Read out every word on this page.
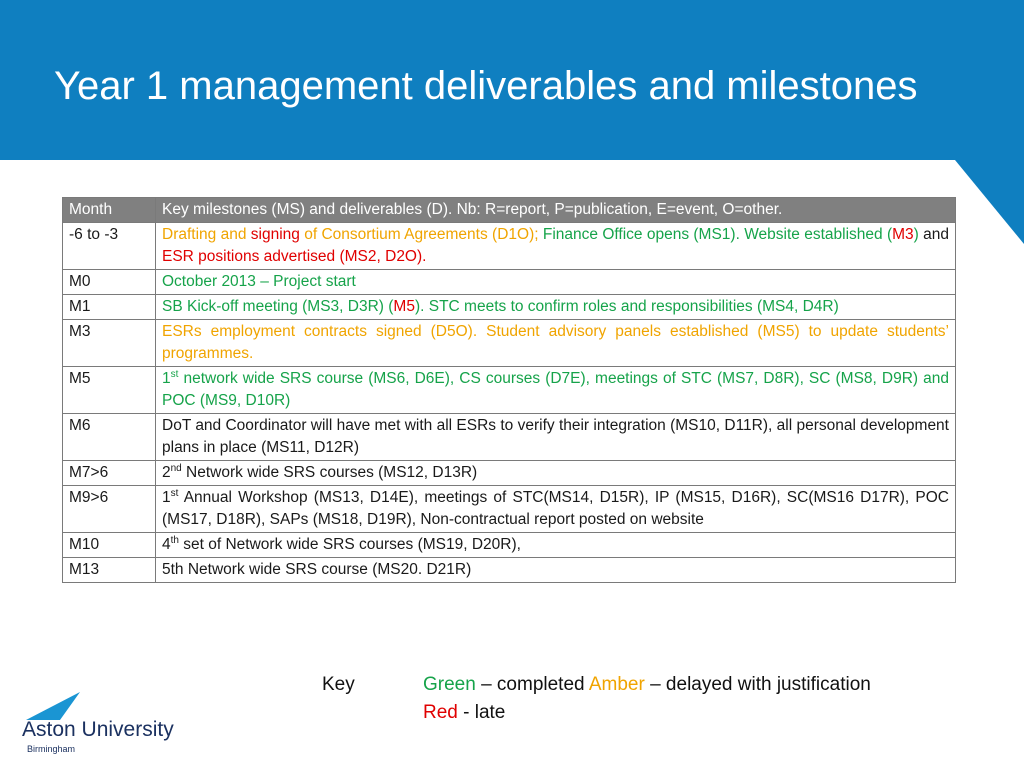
Year 1 management deliverables and milestones
Month	Key milestones (MS) and deliverables (D). Nb: R=report, P=publication, E=event, O=other.
-6 to -3	Drafting and signing of Consortium Agreements (D1O); Finance Office opens (MS1). Website established (M3) and ESR positions advertised (MS2, D2O).
M0	October 2013 – Project start
M1	SB Kick-off meeting (MS3, D3R) (M5). STC meets to confirm roles and responsibilities (MS4, D4R)
M3	ESRs employment contracts signed (D5O). Student advisory panels established (MS5) to update students’ programmes.
M5	1st network wide SRS course (MS6, D6E), CS courses (D7E), meetings of STC (MS7, D8R), SC (MS8, D9R) and POC (MS9, D10R)
M6	DoT and Coordinator will have met with all ESRs to verify their integration (MS10, D11R), all personal development plans in place (MS11, D12R)
M7>6	2nd Network wide SRS courses (MS12, D13R)
M9>6	1st Annual Workshop (MS13, D14E), meetings of STC(MS14, D15R), IP (MS15, D16R), SC(MS16 D17R), POC (MS17, D18R), SAPs (MS18, D19R), Non-contractual report posted on website
M10	4th set of Network wide SRS courses (MS19, D20R),
M13	5th Network wide SRS course (MS20. D21R)
Key	Green – completed Amber – delayed with justification
Red - late
Aston University
Birmingham
